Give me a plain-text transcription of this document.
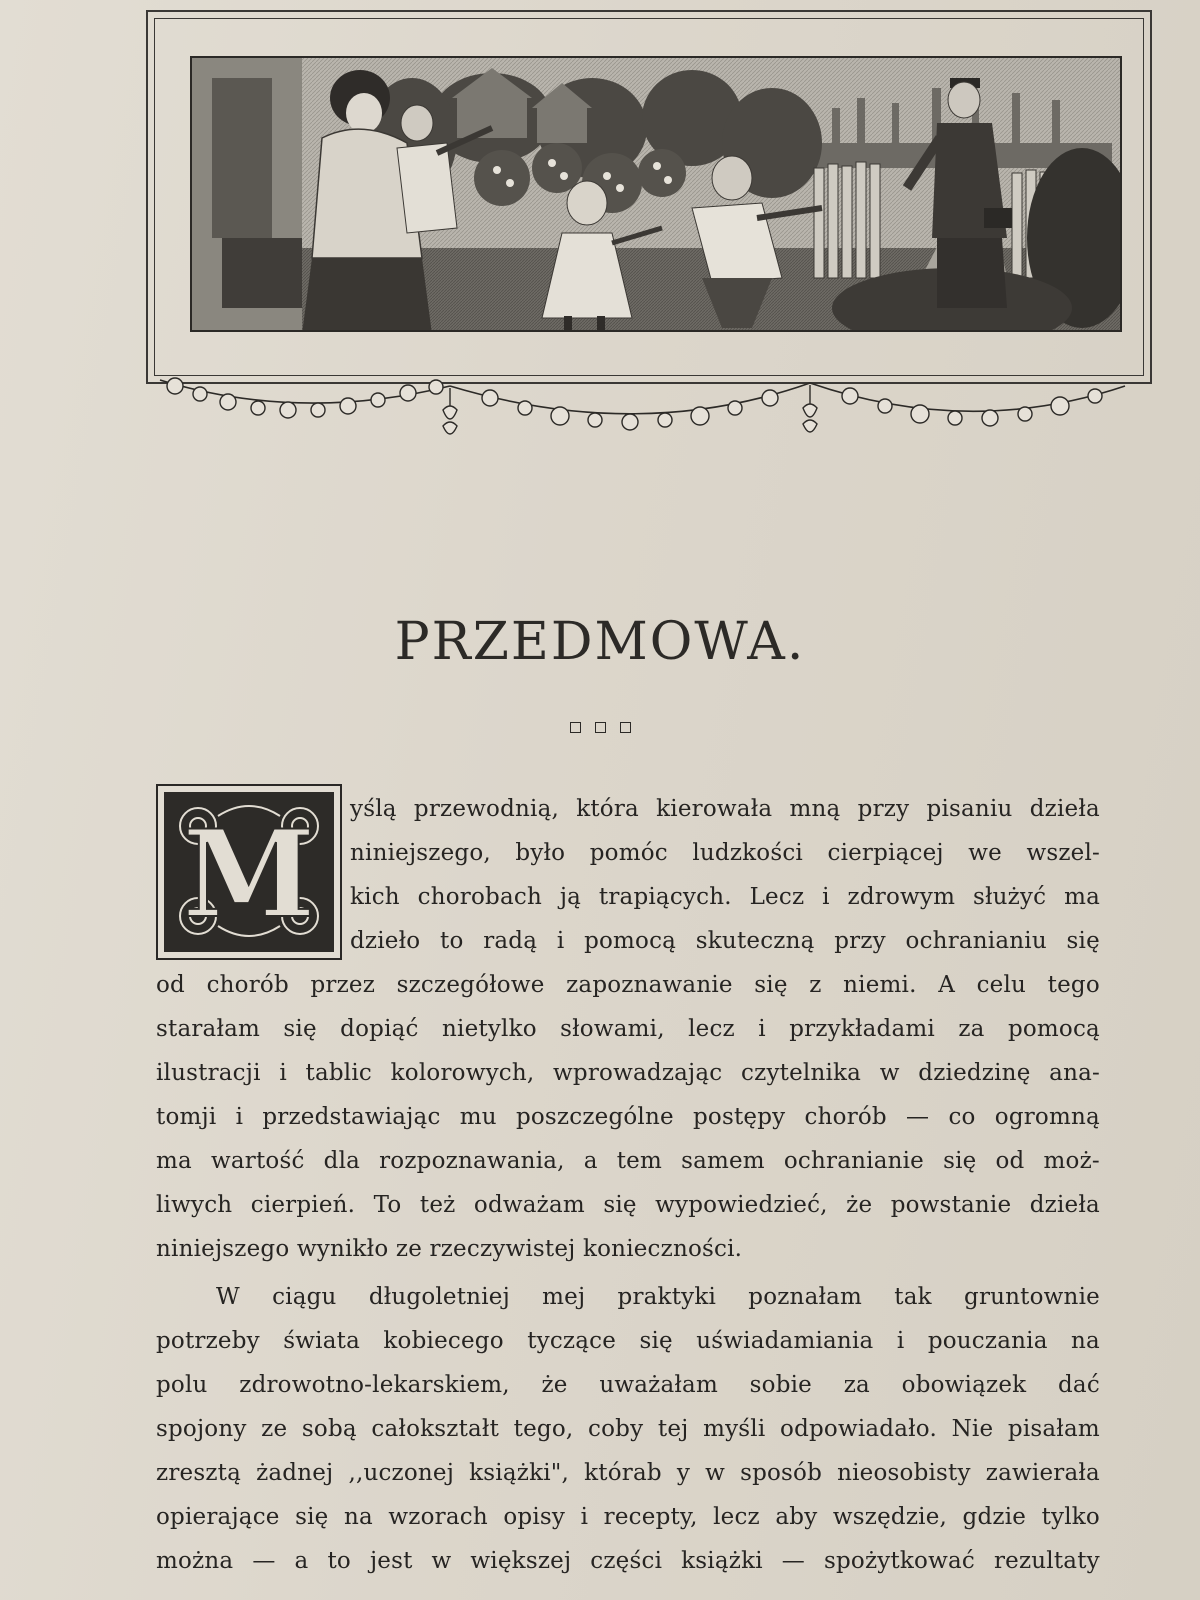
PRZEDMOWA.
M yślą przewodnią, która kierowała mną przy pisaniu dzieła
niniejszego, było pomóc ludzkości cierpiącej we wszel-
kich chorobach ją trapiących. Lecz i zdrowym służyć ma
dzieło to radą i pomocą skuteczną przy ochranianiu się
od chorób przez szczegółowe zapoznawanie się z niemi. A celu tego
starałam się dopiąć nietylko słowami, lecz i przykładami za pomocą
ilustracji i tablic kolorowych, wprowadzając czytelnika w dziedzinę ana-
tomji i przedstawiając mu poszczególne postępy chorób — co ogromną
ma wartość dla rozpoznawania, a tem samem ochranianie się od moż-
liwych cierpień. To też odważam się wypowiedzieć, że powstanie dzieła
niniejszego wynikło ze rzeczywistej konieczności.
W ciągu długoletniej mej praktyki poznałam tak gruntownie
potrzeby świata kobiecego tyczące się uświadamiania i pouczania na
polu zdrowotno-lekarskiem, że uważałam sobie za obowiązek dać
spojony ze sobą całokształt tego, coby tej myśli odpowiadało. Nie pisałam
zresztą żadnej ,,uczonej książki", którab y w sposób nieosobisty zawierała
opierające się na wzorach opisy i recepty, lecz aby wszędzie, gdzie tylko
można — a to jest w większej części książki — spożytkować rezultaty
